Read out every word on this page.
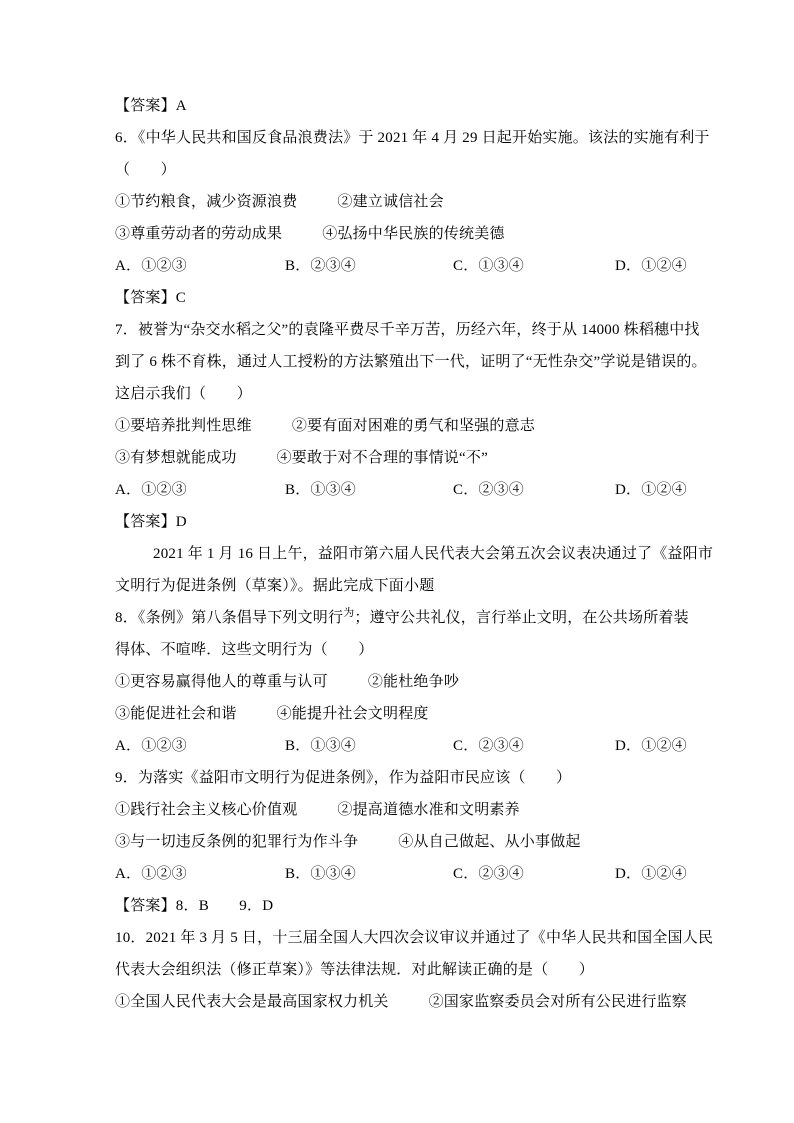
【答案】A
6．《中华人民共和国反食品浪费法》于 2021 年 4 月 29 日起开始实施。该法的实施有利于
（　　）
①节约粮食，减少资源浪费	②建立诚信社会
③尊重劳动者的劳动成果	④弘扬中华民族的传统美德
A．①②③	B．②③④	C．①③④	D．①②④
【答案】C
7．被誉为“杂交水稻之父”的袁隆平费尽千辛万苦，历经六年，终于从 14000 株稻穗中找
到了 6 株不育株，通过人工授粉的方法繁殖出下一代，证明了“无性杂交”学说是错误的。
这启示我们（　　）
①要培养批判性思维	②要有面对困难的勇气和坚强的意志
③有梦想就能成功	④要敢于对不合理的事情说“不”
A．①②③	B．①③④	C．②③④	D．①②④
【答案】D
2021 年 1 月 16 日上午，益阳市第六届人民代表大会第五次会议表决通过了《益阳市
文明行为促进条例（草案）》。据此完成下面小题
8．《条例》第八条倡导下列文明行$^为$；遵守公共礼仪，言行举止文明，在公共场所着装
得体、不喧哗．这些文明行为（　　）
①更容易赢得他人的尊重与认可	②能杜绝争吵
③能促进社会和谐	④能提升社会文明程度
A．①②③	B．①③④	C．②③④	D．①②④
9．为落实《益阳市文明行为促进条例》，作为益阳市民应该（　　）
①践行社会主义核心价值观	②提高道德水准和文明素养
③与一切违反条例的犯罪行为作斗争	④从自己做起、从小事做起
A．①②③	B．①③④	C．②③④	D．①②④
【答案】8．B　　9．D
10．2021 年 3 月 5 日，十三届全国人大四次会议审议并通过了《中华人民共和国全国人民
代表大会组织法（修正草案）》等法律法规．对此解读正确的是（　　）
①全国人民代表大会是最高国家权力机关	②国家监察委员会对所有公民进行监察
